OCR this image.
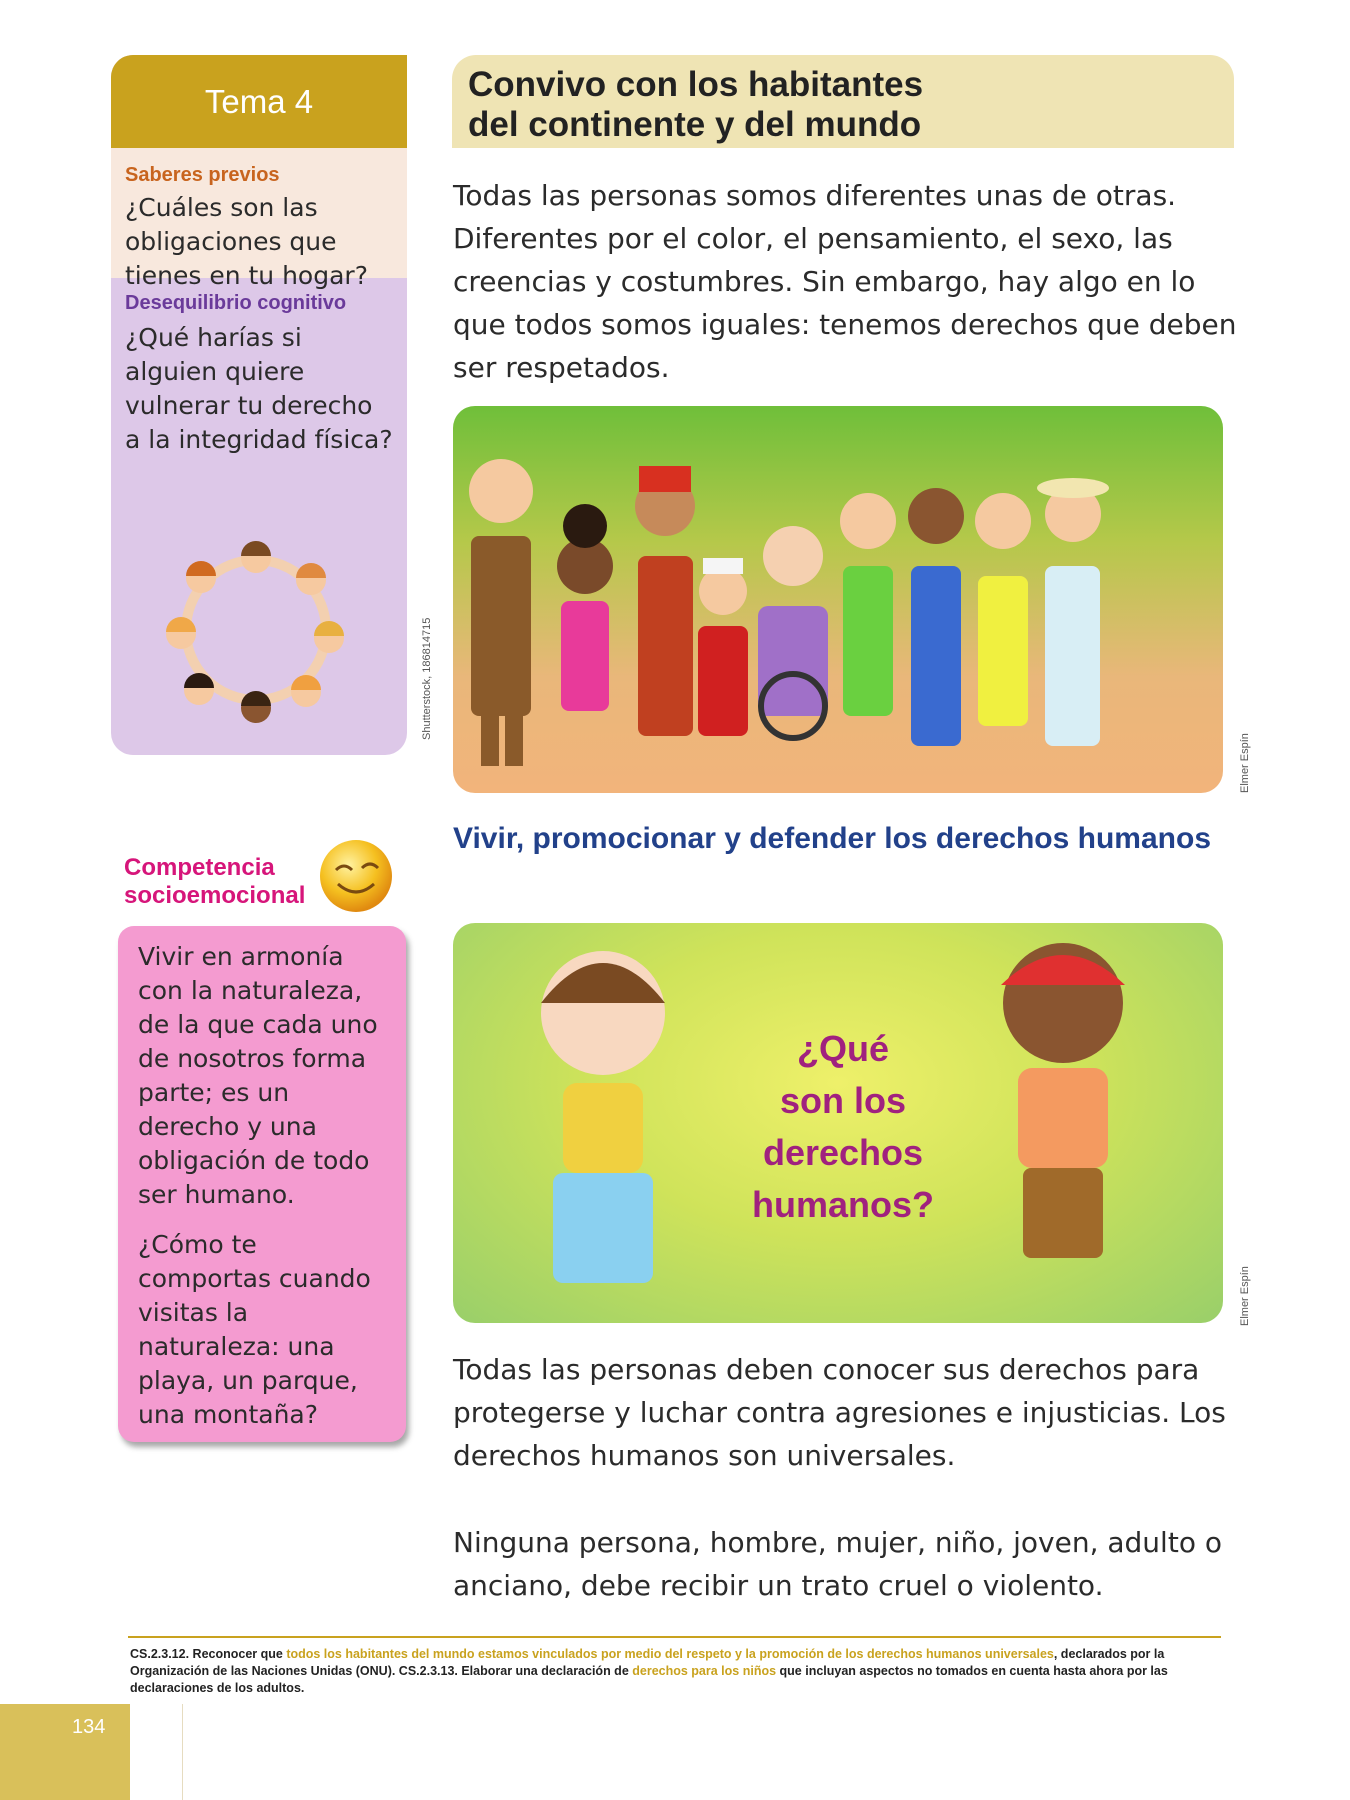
Tema 4
Saberes previos
¿Cuáles son las obligaciones que tienes en tu hogar?
Desequilibrio cognitivo
¿Qué harías si alguien quiere vulnerar tu derecho a la integridad física?
Shutterstock, 186814715
Convivo con los habitantes
del continente y del mundo
Todas las personas somos diferentes unas de otras. Diferentes por el color, el pensamiento, el sexo, las creencias y costumbres. Sin embargo, hay algo en lo que todos somos iguales: tenemos derechos que deben ser respetados.
Elmer Espín
Vivir, promocionar y defender los derechos humanos
¿Qué
son los
derechos
humanos?
Elmer Espín
Todas las personas deben conocer sus derechos para protegerse y luchar contra agresiones e injusticias. Los derechos humanos son universales.
Ninguna persona, hombre, mujer, niño, joven, adulto o anciano, debe recibir un trato cruel o violento.
Competencia
socioemocional

Vivir en armonía con la naturaleza, de la que cada uno de nosotros forma parte; es un derecho y una obligación de todo ser humano.

¿Cómo te comportas cuando visitas la naturaleza: una playa, un parque, una montaña?

CS.2.3.12. Reconocer que todos los habitantes del mundo estamos vinculados por medio del respeto y la promoción de los derechos humanos universales, declarados por la Organización de las Naciones Unidas (ONU). CS.2.3.13. Elaborar una declaración de derechos para los niños que incluyan aspectos no tomados en cuenta hasta ahora por las declaraciones de los adultos.
134
